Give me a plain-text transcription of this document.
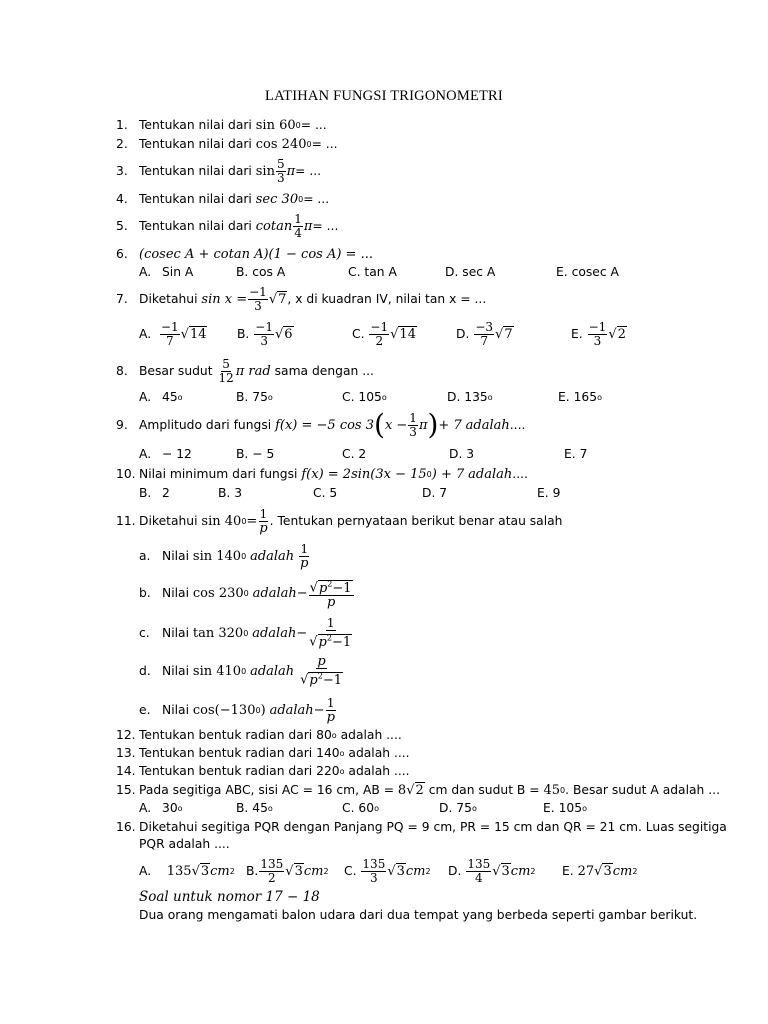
LATIHAN FUNGSI TRIGONOMETRI
1. Tentukan nilai dari
sin 60 0 = ...
2. Tentukan nilai dari
cos 240 0 = ...
3. Tentukan nilai dari
$\sin \frac{5}{3}$ π = ...
4. Tentukan nilai dari
sec 30 0 = ...
5. Tentukan nilai dari
cotan $\frac{1}{4}$ π = ...
6. (cosec A + cotan A)(1 − cos A) = ...
A. Sin A	B. cos A	C. tan A	D. sec A	E. cosec A
7. Diketahui
$\sin x = \frac{-1}{3} √7$ , x di kuadran IV, nilai tan x = ...
A.
$\frac{-1}{7} √14$ B.
$\frac{-1}{3} √6$	C.
$\frac{-1}{2} √14$	D.
$\frac{-3}{7} √7$	E.
$\frac{-1}{3} √2$
8. Besar sudut
$\frac{5}{12}$ π rad
sama dengan ...
A. 45 o	B. 75 o	C. 105 o	D. 135 o	E. 165 o
9. Amplitudo dari fungsi
f(x) = −5 cos 3 ( $x - \frac{1}{3}$ π ) + 7
adalah ....
A. − 12	B. − 5	C. 2	D. 3	E. 7
10. Nilai minimum dari fungsi
f(x) = 2sin(3x − 15 0 ) + 7
adalah ....
B. 2	B. 3	C. 5	D. 7	E. 9
11. Diketahui
sin 40 $0 = \frac{1}{p}$ . Tentukan pernyataan berikut benar atau salah
a. Nilai
sin 140 0
adalah
$\frac{1}{p}$
b. Nilai
cos 230 0
adalah − $\frac{√p^2-1}{p}$
c. Nilai
tan 320 0
adalah − $\frac{1}{√p^2-1}$
d. Nilai
sin 410 0
adalah
$\frac{p}{√p^2-1}$
e. Nilai
cos(−130 0 )
adalah − $\frac{1}{p}$
12. Tentukan bentuk radian dari 80 o
adalah ....
13. Tentukan bentuk radian dari 140 o
adalah ....
14. Tentukan bentuk radian dari 220 o
adalah ....
15. Pada segitiga ABC, sisi AC = 16 cm, AB =
8 √2
cm dan sudut B =
45 0 . Besar sudut A adalah ...
A. 30 o	B. 45 o	C. 60 o	D. 75 o	E. 105 o
16. Diketahui segitiga PQR dengan Panjang PQ = 9 cm, PR = 15 cm dan QR = 21 cm. Luas segitiga
PQR adalah ....
A.
135 √3 cm 2 B. $\frac{135}{2} √3$ cm 2 C.
$\frac{135}{3} √3$ cm 2 D.
$\frac{135}{4} √3$ cm 2 E.
27 √3 cm 2
Soal untuk nomor 17 − 18
Dua orang mengamati balon udara dari dua tempat yang berbeda seperti gambar berikut.
